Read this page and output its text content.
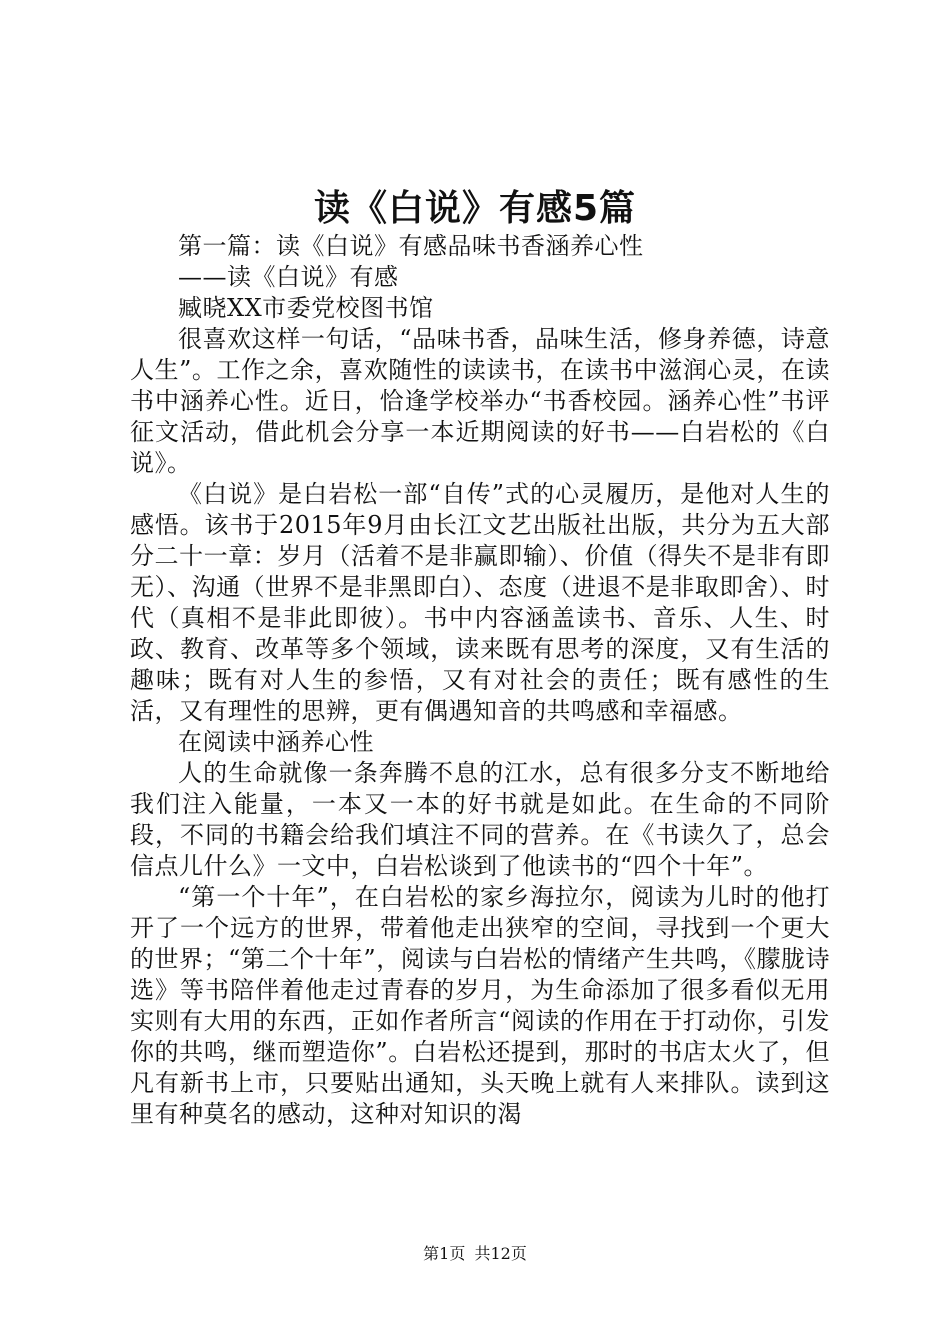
读《白说》有感5篇

第一篇：读《白说》有感品味书香涵养心性

——读《白说》有感

臧晓XX市委党校图书馆

很喜欢这样一句话，“品味书香，品味生活，修身养德，诗意人生”。工作之余，喜欢随性的读读书，在读书中滋润心灵，在读书中涵养心性。近日，恰逢学校举办“书香校园。涵养心性”书评征文活动，借此机会分享一本近期阅读的好书——白岩松的《白说》。

《白说》是白岩松一部“自传”式的心灵履历，是他对人生的感悟。该书于2015年9月由长江文艺出版社出版，共分为五大部分二十一章：岁月（活着不是非赢即输）、价值（得失不是非有即无）、沟通（世界不是非黑即白）、态度（进退不是非取即舍）、时代（真相不是非此即彼）。书中内容涵盖读书、音乐、人生、时政、教育、改革等多个领域，读来既有思考的深度，又有生活的趣味；既有对人生的参悟，又有对社会的责任；既有感性的生活，又有理性的思辨，更有偶遇知音的共鸣感和幸福感。

在阅读中涵养心性

人的生命就像一条奔腾不息的江水，总有很多分支不断地给我们注入能量，一本又一本的好书就是如此。在生命的不同阶段，不同的书籍会给我们填注不同的营养。在《书读久了，总会信点儿什么》一文中，白岩松谈到了他读书的“四个十年”。

“第一个十年”，在白岩松的家乡海拉尔，阅读为儿时的他打开了一个远方的世界，带着他走出狭窄的空间，寻找到一个更大的世界；“第二个十年”，阅读与白岩松的情绪产生共鸣，《朦胧诗选》等书陪伴着他走过青春的岁月，为生命添加了很多看似无用实则有大用的东西，正如作者所言“阅读的作用在于打动你，引发你的共鸣，继而塑造你”。白岩松还提到，那时的书店太火了，但凡有新书上市，只要贴出通知，头天晚上就有人来排队。读到这里有种莫名的感动，这种对知识的渴

第1页 共12页
